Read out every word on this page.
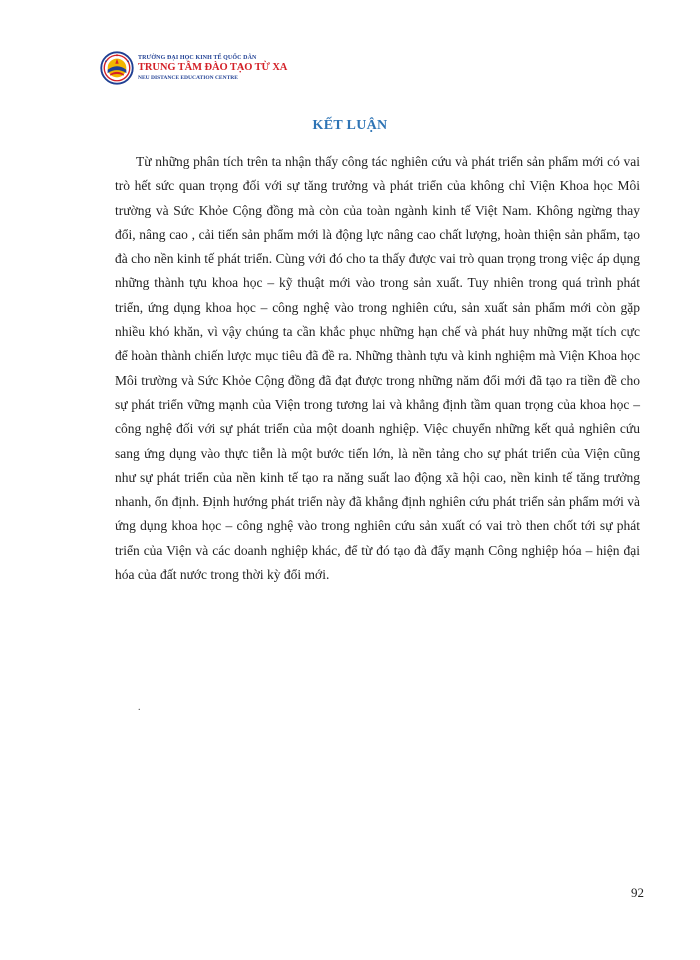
TRƯỜNG ĐẠI HỌC KINH TẾ QUỐC DÂN
TRUNG TÂM ĐÀO TẠO TỪ XA
NEU DISTANCE EDUCATION CENTRE
KẾT LUẬN

Từ những phân tích trên ta nhận thấy công tác nghiên cứu và phát triển sản phẩm mới có vai trò hết sức quan trọng đối với sự tăng trưởng và phát triển của không chỉ Viện Khoa học Môi trường và Sức Khỏe Cộng đồng mà còn của toàn ngành kinh tế Việt Nam. Không ngừng thay đổi, nâng cao , cải tiến sản phẩm mới là động lực nâng cao chất lượng, hoàn thiện sản phẩm, tạo đà cho nền kinh tế phát triển. Cùng với đó cho ta thấy được vai trò quan trọng trong việc áp dụng những thành tựu khoa học – kỹ thuật mới vào trong sản xuất. Tuy nhiên trong quá trình phát triển, ứng dụng khoa học – công nghệ vào trong nghiên cứu, sản xuất sản phẩm mới còn gặp nhiều khó khăn, vì vậy chúng ta cần khắc phục những hạn chế và phát huy những mặt tích cực để hoàn thành chiến lược mục tiêu đã đề ra. Những thành tựu và kinh nghiệm mà Viện Khoa học Môi trường và Sức Khỏe Cộng đồng đã đạt được trong những năm đổi mới đã tạo ra tiền đề cho sự phát triển vững mạnh của Viện trong tương lai và khẳng định tầm quan trọng của khoa học – công nghệ đối với sự phát triển của một doanh nghiệp. Việc chuyển những kết quả nghiên cứu sang ứng dụng vào thực tiễn là một bước tiến lớn, là nền tảng cho sự phát triển của Viện cũng như sự phát triển của nền kinh tế tạo ra năng suất lao động xã hội cao, nền kinh tế tăng trưởng nhanh, ổn định. Định hướng phát triển này đã khẳng định nghiên cứu phát triển sản phẩm mới và ứng dụng khoa học – công nghệ vào trong nghiên cứu sản xuất có vai trò then chốt tới sự phát triển của Viện và các doanh nghiệp khác, để từ đó tạo đà đẩy mạnh Công nghiệp hóa – hiện đại hóa của đất nước trong thời kỳ đổi mới.

.
92
